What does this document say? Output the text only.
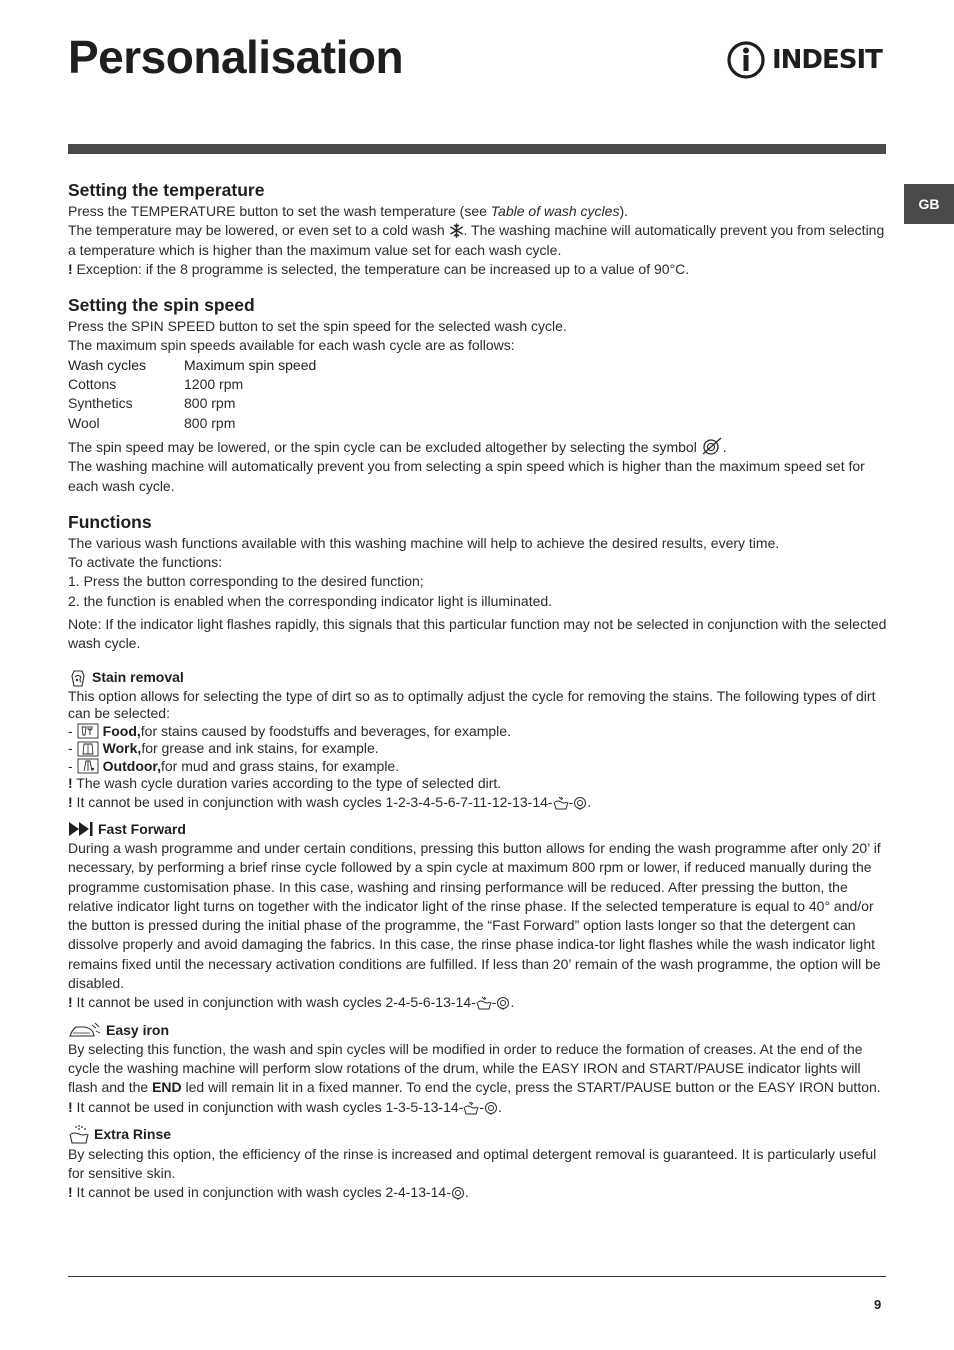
Personalisation	INDESIT
GB
Setting the temperature

Press the TEMPERATURE button to set the wash temperature (see Table of wash cycles).

The temperature may be lowered, or even set to a cold wash . The washing machine will automatically prevent you from selecting a temperature which is higher than the maximum value set for each wash cycle.

! Exception: if the 8 programme is selected, the temperature can be increased up to a value of 90°C.

Setting the spin speed

Press the SPIN SPEED button to set the spin speed for the selected wash cycle.

The maximum spin speeds available for each wash cycle are as follows:

Wash cycles	Maximum spin speed
Cottons	1200 rpm
Synthetics	800 rpm
Wool	800 rpm

The spin speed may be lowered, or the spin cycle can be excluded altogether by selecting the symbol .

The washing machine will automatically prevent you from selecting a spin speed which is higher than the maximum speed set for each wash cycle.

Functions

The various wash functions available with this washing machine will help to achieve the desired results, every time.

To activate the functions:

1. Press the button corresponding to the desired function;

2. the function is enabled when the corresponding indicator light is illuminated.

Note: If the indicator light flashes rapidly, this signals that this particular function may not be selected in conjunction with the selected wash cycle.

Stain removal

This option allows for selecting the type of dirt so as to optimally adjust the cycle for removing the stains. The following types of dirt can be selected:

- Food, for stains caused by foodstuffs and beverages, for example.

- Work, for grease and ink stains, for example.

- Outdoor, for mud and grass stains, for example.

! The wash cycle duration varies according to the type of selected dirt.

! It cannot be used in conjunction with wash cycles 1-2-3-4-5-6-7-11-12-13-14- - .

Fast Forward

During a wash programme and under certain conditions, pressing this button allows for ending the wash programme after only 20’ if necessary, by performing a brief rinse cycle followed by a spin cycle at maximum 800 rpm or lower, if reduced manually during the programme customisation phase. In this case, washing and rinsing performance will be reduced. After pressing the button, the relative indicator light turns on together with the indicator light of the rinse phase. If the selected temperature is equal to 40° and/or the button is pressed during the initial phase of the programme, the “Fast Forward” option lasts longer so that the detergent can dissolve properly and avoid damaging the fabrics. In this case, the rinse phase indica-tor light flashes while the wash indicator light remains fixed until the necessary activation conditions are fulfilled. If less than 20’ remain of the wash programme, the option will be disabled.

! It cannot be used in conjunction with wash cycles 2-4-5-6-13-14- - .

Easy iron

By selecting this function, the wash and spin cycles will be modified in order to reduce the formation of creases. At the end of the cycle the washing machine will perform slow rotations of the drum, while the EASY IRON and START/PAUSE indicator lights will flash and the END led will remain lit in a fixed manner. To end the cycle, press the START/PAUSE button or the EASY IRON button.

! It cannot be used in conjunction with wash cycles 1-3-5-13-14- - .

Extra Rinse

By selecting this option, the efficiency of the rinse is increased and optimal detergent removal is guaranteed. It is particularly useful for sensitive skin.

! It cannot be used in conjunction with wash cycles 2-4-13-14- .

9
